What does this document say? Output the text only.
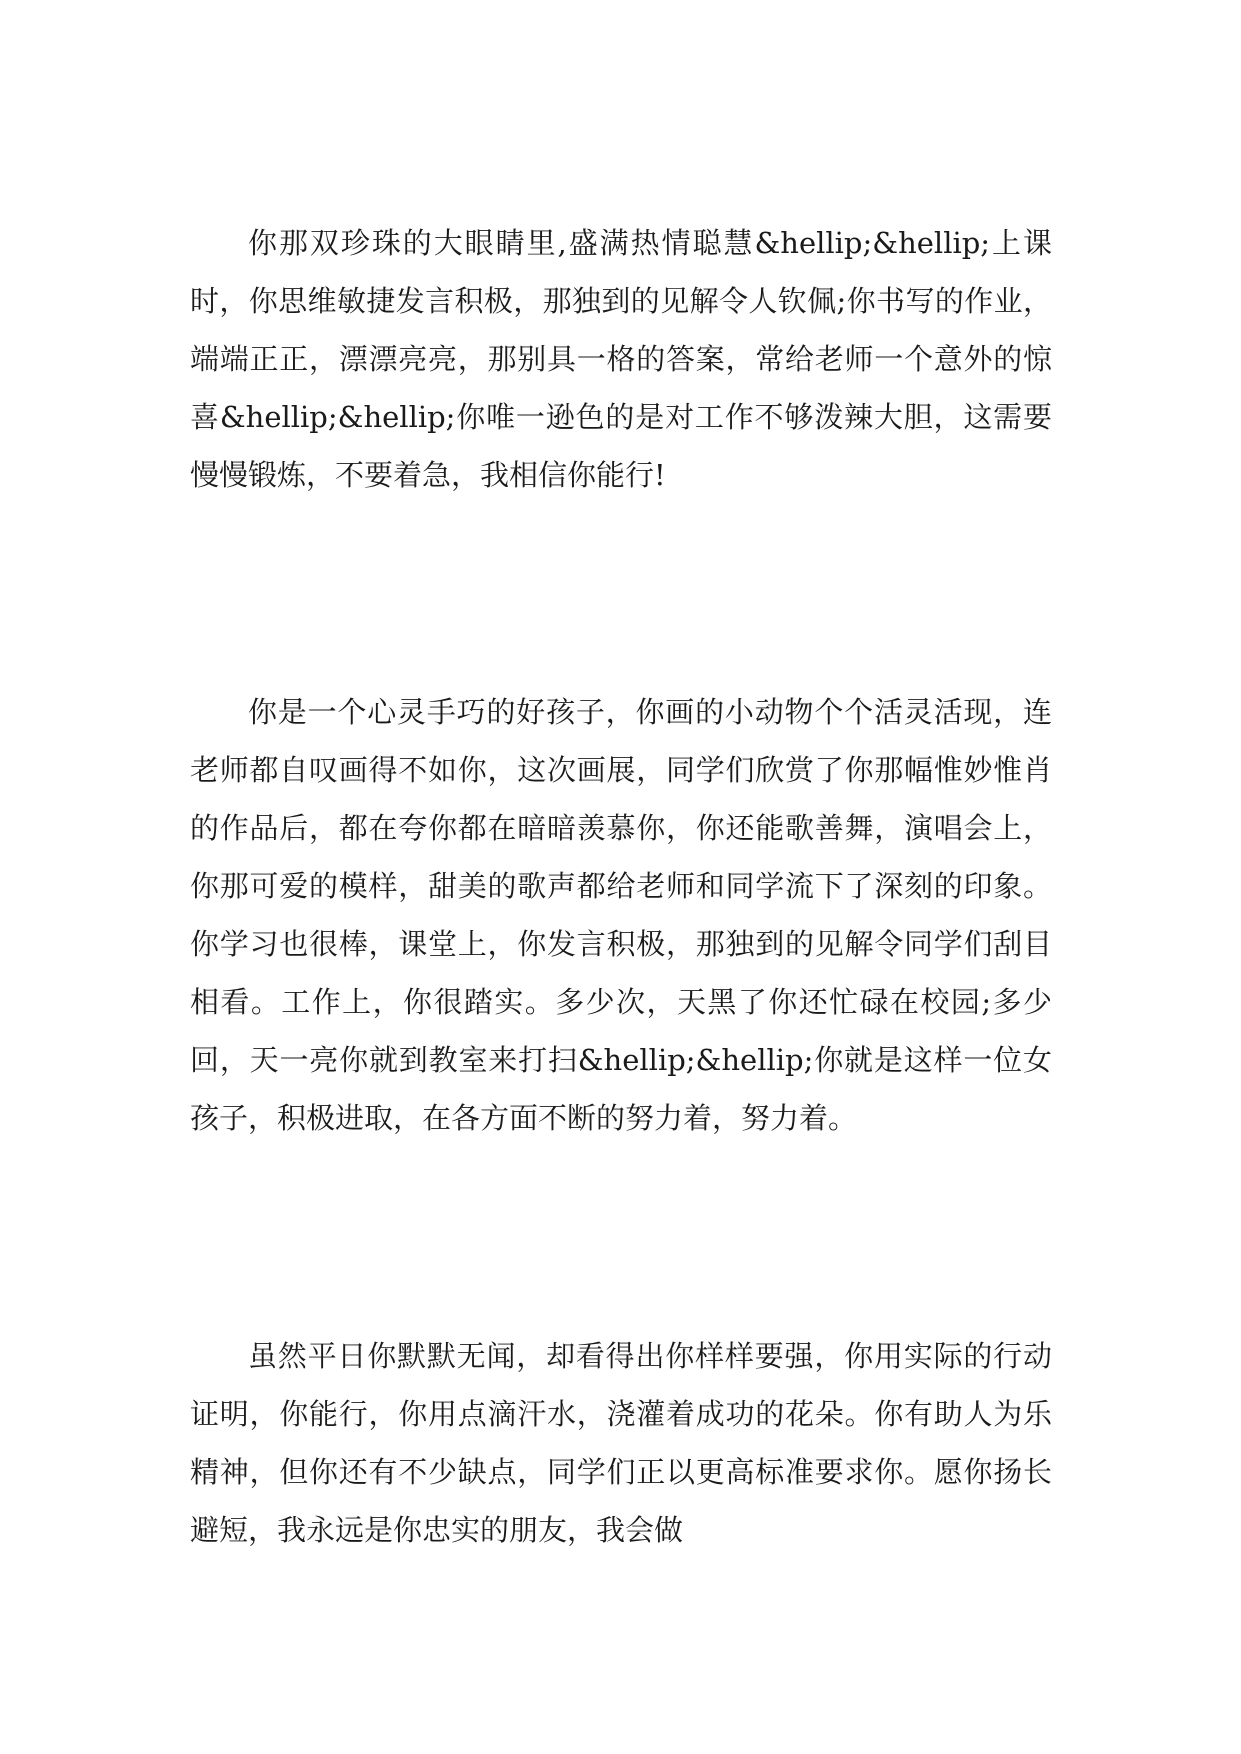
你那双珍珠的大眼睛里,盛满热情聪慧&hellip;&hellip;上课时，你思维敏捷发言积极，那独到的见解令人钦佩;你书写的作业，端端正正，漂漂亮亮，那别具一格的答案，常给老师一个意外的惊喜&hellip;&hellip;你唯一逊色的是对工作不够泼辣大胆，这需要慢慢锻炼，不要着急，我相信你能行!

你是一个心灵手巧的好孩子，你画的小动物个个活灵活现，连老师都自叹画得不如你，这次画展，同学们欣赏了你那幅惟妙惟肖的作品后，都在夸你都在暗暗羡慕你，你还能歌善舞，演唱会上，你那可爱的模样，甜美的歌声都给老师和同学流下了深刻的印象。你学习也很棒，课堂上，你发言积极，那独到的见解令同学们刮目相看。工作上，你很踏实。多少次，天黑了你还忙碌在校园;多少回，天一亮你就到教室来打扫&hellip;&hellip;你就是这样一位女孩子，积极进取，在各方面不断的努力着，努力着。

虽然平日你默默无闻，却看得出你样样要强，你用实际的行动证明，你能行，你用点滴汗水，浇灌着成功的花朵。你有助人为乐精神，但你还有不少缺点，同学们正以更高标准要求你。愿你扬长避短，我永远是你忠实的朋友，我会做
